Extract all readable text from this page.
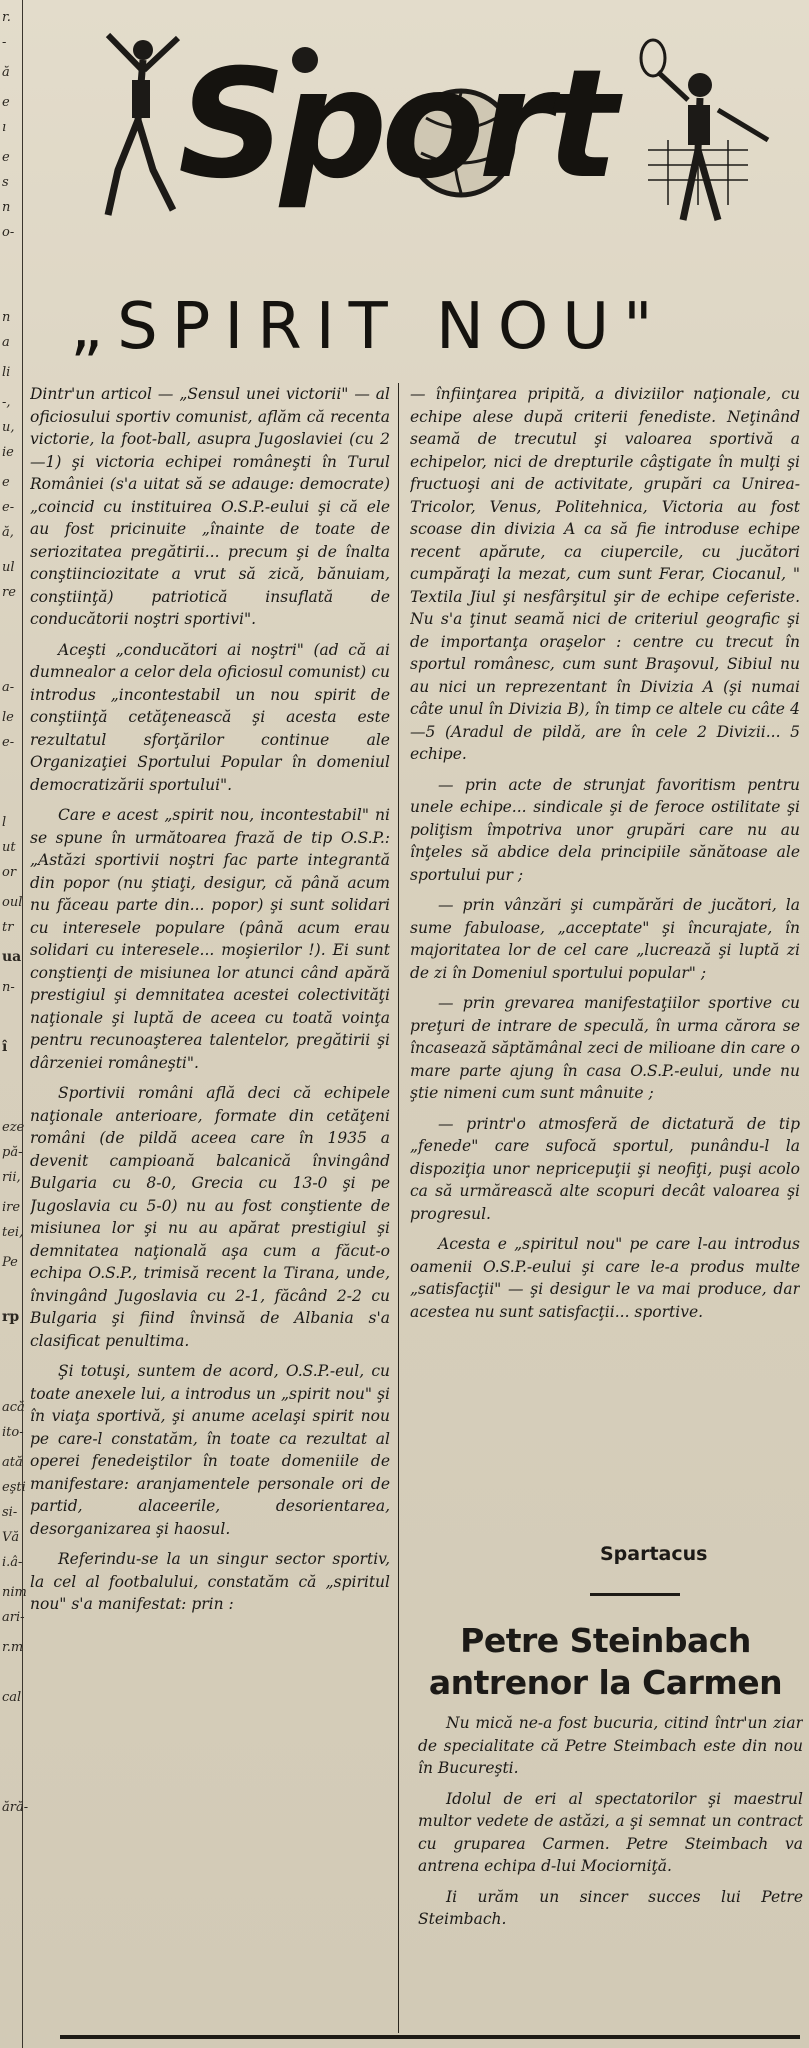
r.
-
ă
e
ı
e
s
n
o-
n
a
li
-,
u,
ie
e
e-
ă,
ul
re
a-
le
e-
l
ut
or
oul
tr
ua
n-
î
eze
pă-
rii,
ire
tei,
Pe
rp
acă
ito-
ată
eşti
si-
Vă
i.â-
nim
ari-
r.m
cal
ără-
Sport
„SPIRIT NOU"

Dintr'un articol — „Sensul unei victorii" — al oficiosului sportiv comunist, aflăm că recenta victorie, la foot-ball, asupra Jugoslaviei (cu 2—1) şi victoria echipei româneşti în Turul României (s'a uitat să se adauge: democrate) „coincid cu instituirea O.S.P.-eului şi că ele au fost pricinuite „înainte de toate de seriozitatea pregătirii... precum şi de înalta conştiinciozitate a vrut să zică, bănuiam, conştiinţă) patriotică insuflată de conducătorii noştri sportivi".

Aceşti „conducători ai noştri" (ad că ai dumnealor a celor dela oficiosul comunist) cu introdus „incontestabil un nou spirit de conştiinţă cetăţenească şi acesta este rezultatul sforţărilor continue ale Organizaţiei Sportului Popular în domeniul democratizării sportului".

Care e acest „spirit nou, incontestabil" ni se spune în următoarea frază de tip O.S.P.: „Astăzi sportivii noştri fac parte integrantă din popor (nu ştiaţi, desigur, că până acum nu făceau parte din... popor) şi sunt solidari cu interesele populare (până acum erau solidari cu interesele... moşierilor !). Ei sunt conştienţi de misiunea lor atunci când apără prestigiul şi demnitatea acestei colectivităţi naţionale şi luptă de aceea cu toată voinţa pentru recunoaşterea talentelor, pregătirii şi dârzeniei româneşti".

Sportivii români află deci că echipele naţionale anterioare, formate din cetăţeni români (de pildă aceea care în 1935 a devenit campioană balcanică învingând Bulgaria cu 8-0, Grecia cu 13-0 şi pe Jugoslavia cu 5-0) nu au fost conştiente de misiunea lor şi nu au apărat prestigiul şi demnitatea naţională aşa cum a făcut-o echipa O.S.P., trimisă recent la Tirana, unde, învingând Jugoslavia cu 2-1, făcând 2-2 cu Bulgaria şi fiind învinsă de Albania s'a clasificat penultima.

Şi totuşi, suntem de acord, O.S.P.-eul, cu toate anexele lui, a introdus un „spirit nou" şi în viaţa sportivă, şi anume acelaşi spirit nou pe care-l constatăm, în toate ca rezultat al operei fenedeiştilor în toate domeniile de manifestare: aranjamentele personale ori de partid, alaceerile, desorientarea, desorganizarea şi haosul.

Referindu-se la un singur sector sportiv, la cel al footbalului, constatăm că „spiritul nou" s'a manifestat: prin :

— înfiinţarea pripită, a diviziilor naţionale, cu echipe alese după criterii fenediste. Neţinând seamă de trecutul şi valoarea sportivă a echipelor, nici de drepturile câştigate în mulţi şi fructuoşi ani de activitate, grupări ca Unirea-Tricolor, Venus, Politehnica, Victoria au fost scoase din divizia A ca să fie introduse echipe recent apărute, ca ciupercile, cu jucători cumpăraţi la mezat, cum sunt Ferar, Ciocanul, " Textila Jiul şi nesfârşitul şir de echipe ceferiste. Nu s'a ţinut seamă nici de criteriul geografic şi de importanţa oraşelor : centre cu trecut în sportul românesc, cum sunt Braşovul, Sibiul nu au nici un reprezentant în Divizia A (şi numai câte unul în Divizia B), în timp ce altele cu câte 4—5 (Aradul de pildă, are în cele 2 Divizii... 5 echipe.

— prin acte de strunjat favoritism pentru unele echipe... sindicale şi de feroce ostilitate şi poliţism împotriva unor grupări care nu au înţeles să abdice dela principiile sănătoase ale sportului pur ;

— prin vânzări şi cumpărări de jucători, la sume fabuloase, „acceptate" şi încurajate, în majoritatea lor de cel care „lucrează şi luptă zi de zi în Domeniul sportului popular" ;

— prin grevarea manifestaţiilor sportive cu preţuri de intrare de speculă, în urma cărora se încasează săptămânal zeci de milioane din care o mare parte ajung în casa O.S.P.-eului, unde nu ştie nimeni cum sunt mânuite ;

— printr'o atmosferă de dictatură de tip „fenede" care sufocă sportul, punându-l la dispoziţia unor nepricepuţii şi neofiţi, puşi acolo ca să urmărească alte scopuri decât valoarea şi progresul.

Acesta e „spiritul nou" pe care l-au introdus oamenii O.S.P.-eului şi care le-a produs multe „satisfacţii" — şi desigur le va mai produce, dar acestea nu sunt satisfacţii... sportive.

Spartacus
Petre Steinbach antrenor la Carmen

Nu mică ne-a fost bucuria, citind într'un ziar de specialitate că Petre Steimbach este din nou în Bucureşti.

Idolul de eri al spectatorilor şi maestrul multor vedete de astăzi, a şi semnat un contract cu gruparea Carmen. Petre Steimbach va antrena echipa d-lui Mociorniţă.

Ii urăm un sincer succes lui Petre Steimbach.
